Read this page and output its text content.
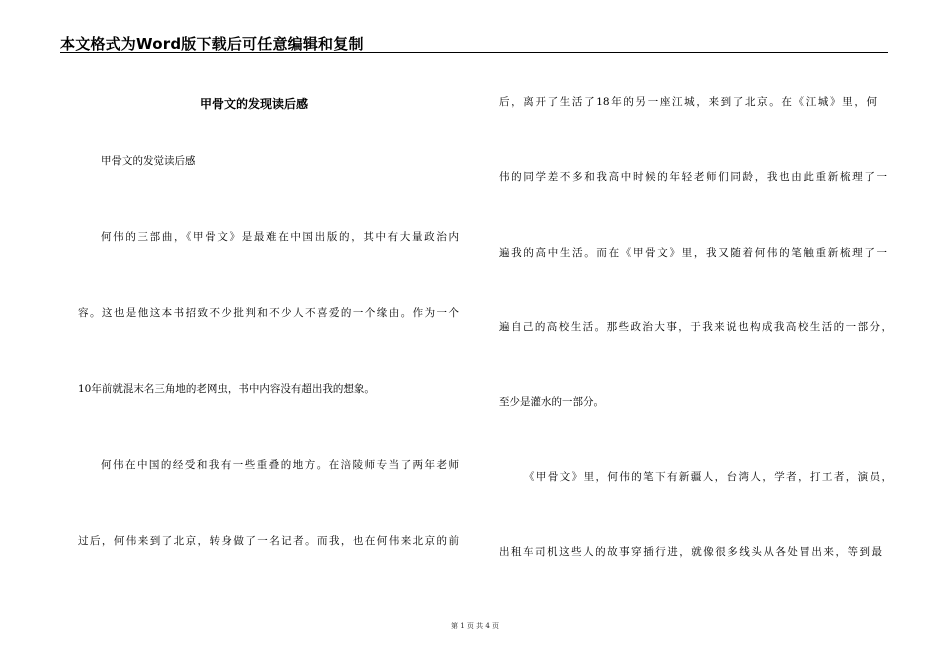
本文格式为Word版下载后可任意编辑和复制
甲骨文的发现读后感
甲骨文的发觉读后感
何伟的三部曲，《甲骨文》是最难在中国出版的，其中有大量政治内
容。这也是他这本书招致不少批判和不少人不喜爱的一个缘由。作为一个
10年前就混末名三角地的老网虫，书中内容没有超出我的想象。
何伟在中国的经受和我有一些重叠的地方。在涪陵师专当了两年老师
过后，何伟来到了北京，转身做了一名记者。而我，也在何伟来北京的前
后，离开了生活了18年的另一座江城，来到了北京。在《江城》里，何
伟的同学差不多和我高中时候的年轻老师们同龄，我也由此重新梳理了一
遍我的高中生活。而在《甲骨文》里，我又随着何伟的笔触重新梳理了一
遍自己的高校生活。那些政治大事，于我来说也构成我高校生活的一部分，
至少是灌水的一部分。
《甲骨文》里，何伟的笔下有新疆人，台湾人，学者，打工者，演员，
出租车司机这些人的故事穿插行进，就像很多线头从各处冒出来，等到最
第 1 页 共 4 页
